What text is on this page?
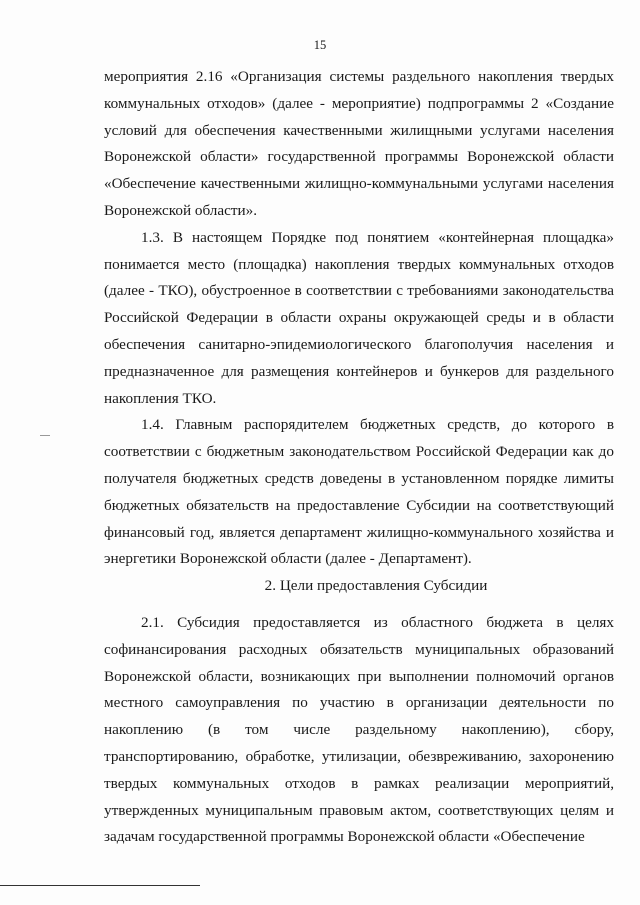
15

мероприятия 2.16 «Организация системы раздельного накопления твердых коммунальных отходов» (далее - мероприятие) подпрограммы 2 «Создание условий для обеспечения качественными жилищными услугами населения Воронежской области» государственной программы Воронежской области «Обеспечение качественными жилищно-коммунальными услугами населения Воронежской области».

1.3. В настоящем Порядке под понятием «контейнерная площадка» понимается место (площадка) накопления твердых коммунальных отходов (далее - ТКО), обустроенное в соответствии с требованиями законодательства Российской Федерации в области охраны окружающей среды и в области обеспечения санитарно-эпидемиологического благополучия населения и предназначенное для размещения контейнеров и бункеров для раздельного накопления ТКО.

1.4. Главным распорядителем бюджетных средств, до которого в соответствии с бюджетным законодательством Российской Федерации как до получателя бюджетных средств доведены в установленном порядке лимиты бюджетных обязательств на предоставление Субсидии на соответствующий финансовый год, является департамент жилищно-коммунального хозяйства и энергетики Воронежской области (далее - Департамент).

2. Цели предоставления Субсидии

2.1. Субсидия предоставляется из областного бюджета в целях софинансирования расходных обязательств муниципальных образований Воронежской области, возникающих при выполнении полномочий органов местного самоуправления по участию в организации деятельности по накоплению (в том числе раздельному накоплению), сбору, транспортированию, обработке, утилизации, обезвреживанию, захоронению твердых коммунальных отходов в рамках реализации мероприятий, утвержденных муниципальным правовым актом, соответствующих целям и задачам государственной программы Воронежской области «Обеспечение
